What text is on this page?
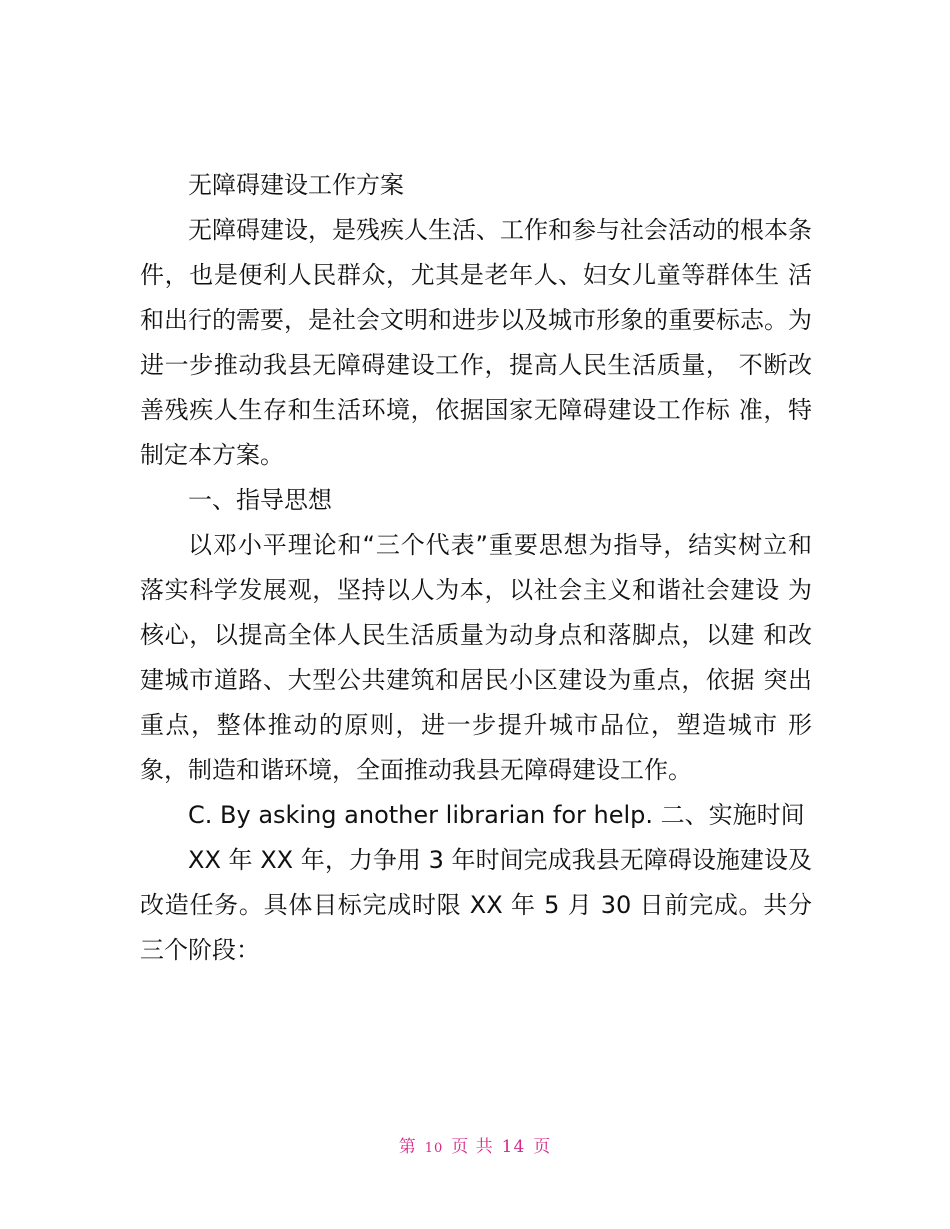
无障碍建设工作方案

无障碍建设，是残疾人生活、工作和参与社会活动的根本条件，也是便利人民群众，尤其是老年人、妇女儿童等群体生 活和出行的需要，是社会文明和进步以及城市形象的重要标志。为进一步推动我县无障碍建设工作，提高人民生活质量， 不断改善残疾人生存和生活环境，依据国家无障碍建设工作标 准，特制定本方案。

一、指导思想

以邓小平理论和“三个代表”重要思想为指导，结实树立和落实科学发展观，坚持以人为本，以社会主义和谐社会建设 为核心，以提高全体人民生活质量为动身点和落脚点，以建 和改建城市道路、大型公共建筑和居民小区建设为重点，依据 突出重点，整体推动的原则，进一步提升城市品位，塑造城市 形象，制造和谐环境，全面推动我县无障碍建设工作。

C. By asking another librarian for help. 二、实施时间

XX 年 XX 年，力争用 3 年时间完成我县无障碍设施建设及改造任务。具体目标完成时限 XX 年 5 月 30 日前完成。共分三个阶段：

第 10 页 共 14 页
